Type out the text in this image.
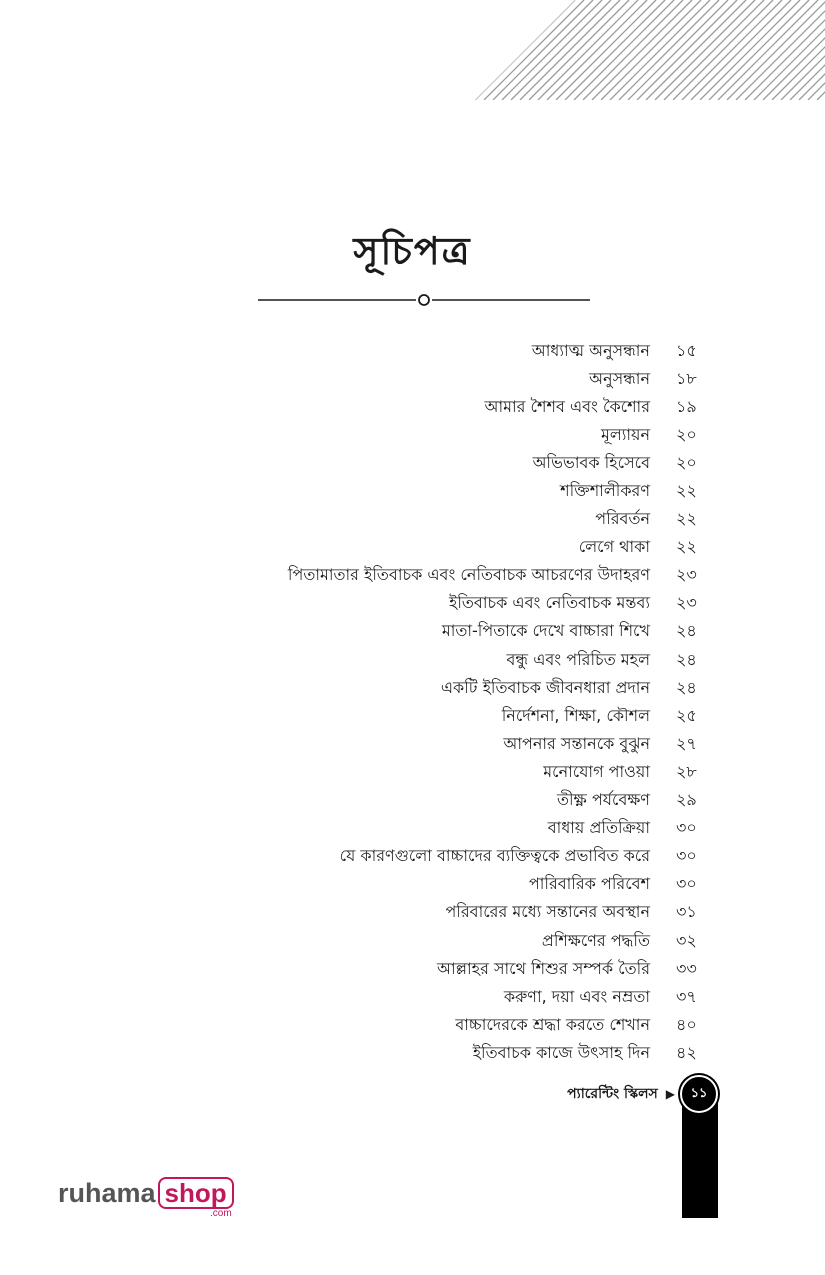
সূচিপত্র
আধ্যাত্ম অনুসন্ধান	১৫
অনুসন্ধান	১৮
আমার শৈশব এবং কৈশোর	১৯
মূল্যায়ন	২০
অভিভাবক হিসেবে	২০
শক্তিশালীকরণ	২২
পরিবর্তন	২২
লেগে থাকা	২২
পিতামাতার ইতিবাচক এবং নেতিবাচক আচরণের উদাহরণ	২৩
ইতিবাচক এবং নেতিবাচক মন্তব্য	২৩
মাতা-পিতাকে দেখে বাচ্চারা শিখে	২৪
বন্ধু এবং পরিচিত মহল	২৪
একটি ইতিবাচক জীবনধারা প্রদান	২৪
নির্দেশনা, শিক্ষা, কৌশল	২৫
আপনার সন্তানকে বুঝুন	২৭
মনোযোগ পাওয়া	২৮
তীক্ষ্ণ পর্যবেক্ষণ	২৯
বাধায় প্রতিক্রিয়া	৩০
যে কারণগুলো বাচ্চাদের ব্যক্তিত্বকে প্রভাবিত করে	৩০
পারিবারিক পরিবেশ	৩০
পরিবারের মধ্যে সন্তানের অবস্থান	৩১
প্রশিক্ষণের পদ্ধতি	৩২
আল্লাহর সাথে শিশুর সম্পর্ক তৈরি	৩৩
করুণা, দয়া এবং নম্রতা	৩৭
বাচ্চাদেরকে শ্রদ্ধা করতে শেখান	৪০
ইতিবাচক কাজে উৎসাহ দিন	৪২
প্যারেন্টিং স্কিলস ▶ ১১
ruhama shop
.com
